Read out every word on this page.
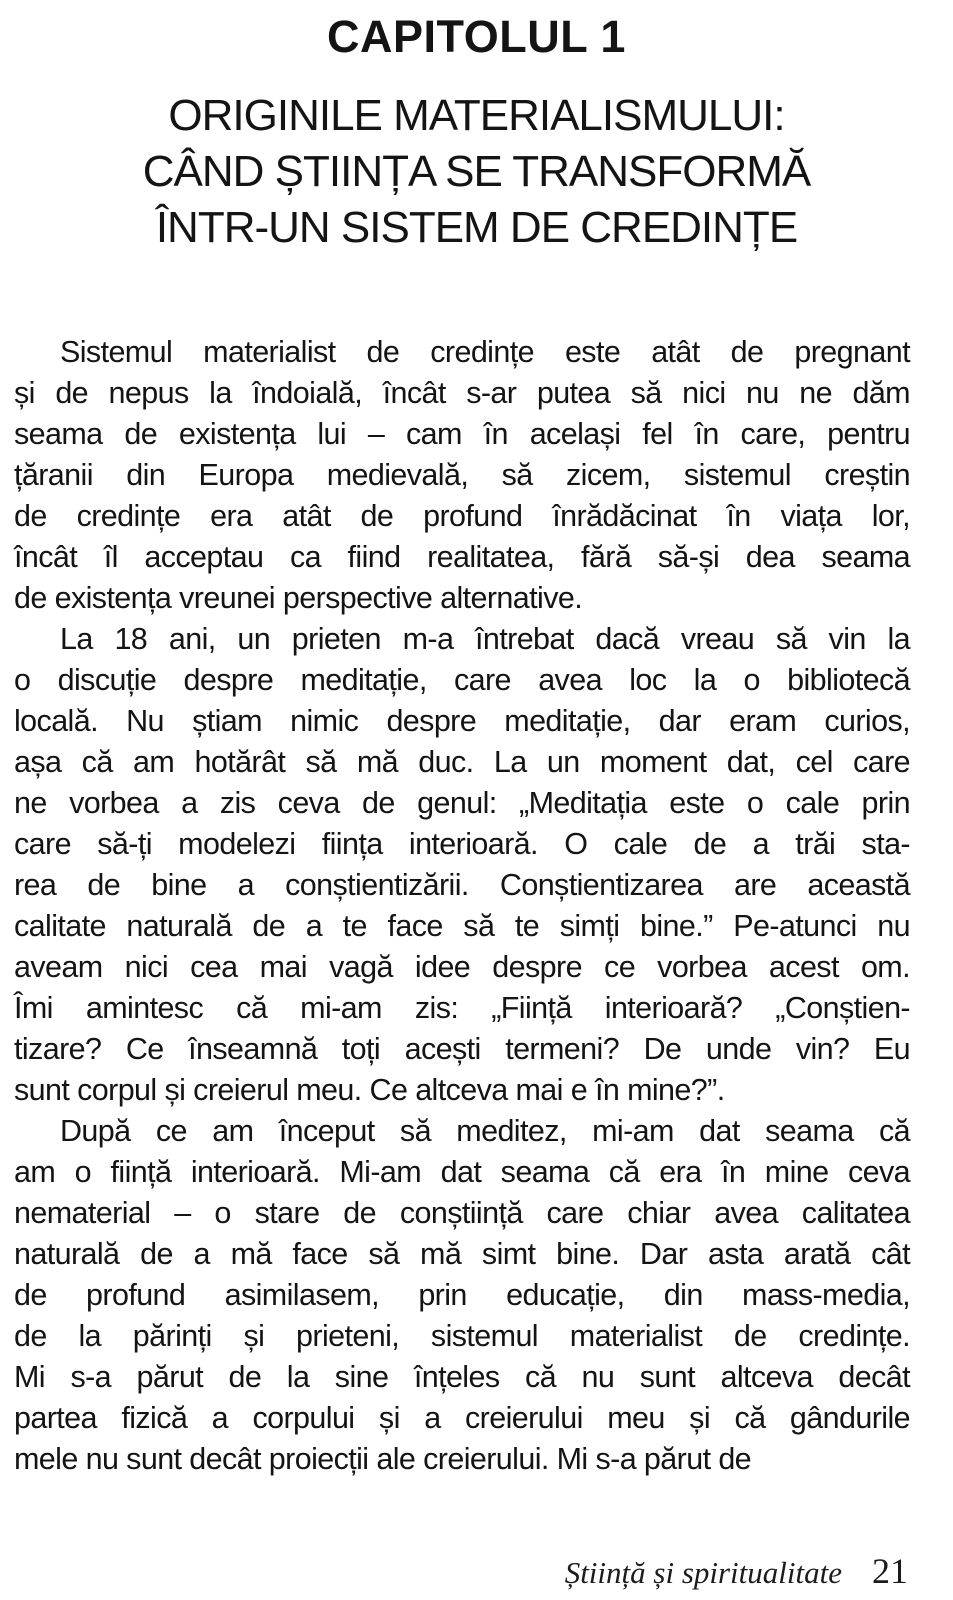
CAPITOLUL 1
ORIGINILE MATERIALISMULUI:
CÂND ȘTIINȚA SE TRANSFORMĂ
ÎNTR-UN SISTEM DE CREDINȚE
Sistemul materialist de credințe este atât de pregnant
și de nepus la îndoială, încât s-ar putea să nici nu ne dăm
seama de existența lui – cam în același fel în care, pentru
țăranii din Europa medievală, să zicem, sistemul creștin
de credințe era atât de profund înrădăcinat în viața lor,
încât îl acceptau ca fiind realitatea, fără să-și dea seama
de existența vreunei perspective alternative.
La 18 ani, un prieten m-a întrebat dacă vreau să vin la
o discuție despre meditație, care avea loc la o bibliotecă
locală. Nu știam nimic despre meditație, dar eram curios,
așa că am hotărât să mă duc. La un moment dat, cel care
ne vorbea a zis ceva de genul: „Meditația este o cale prin
care să-ți modelezi ființa interioară. O cale de a trăi sta-
rea de bine a conștientizării. Conștientizarea are această
calitate naturală de a te face să te simți bine.” Pe-atunci nu
aveam nici cea mai vagă idee despre ce vorbea acest om.
Îmi amintesc că mi-am zis: „Ființă interioară? „Conștien-
tizare? Ce înseamnă toți acești termeni? De unde vin? Eu
sunt corpul și creierul meu. Ce altceva mai e în mine?”.
După ce am început să meditez, mi-am dat seama că
am o ființă interioară. Mi-am dat seama că era în mine ceva
nematerial – o stare de conștiință care chiar avea calitatea
naturală de a mă face să mă simt bine. Dar asta arată cât
de profund asimilasem, prin educație, din mass-media,
de la părinți și prieteni, sistemul materialist de credințe.
Mi s-a părut de la sine înțeles că nu sunt altceva decât
partea fizică a corpului și a creierului meu și că gândurile
mele nu sunt decât proiecții ale creierului. Mi s-a părut de
Știință și spiritualitate 21
